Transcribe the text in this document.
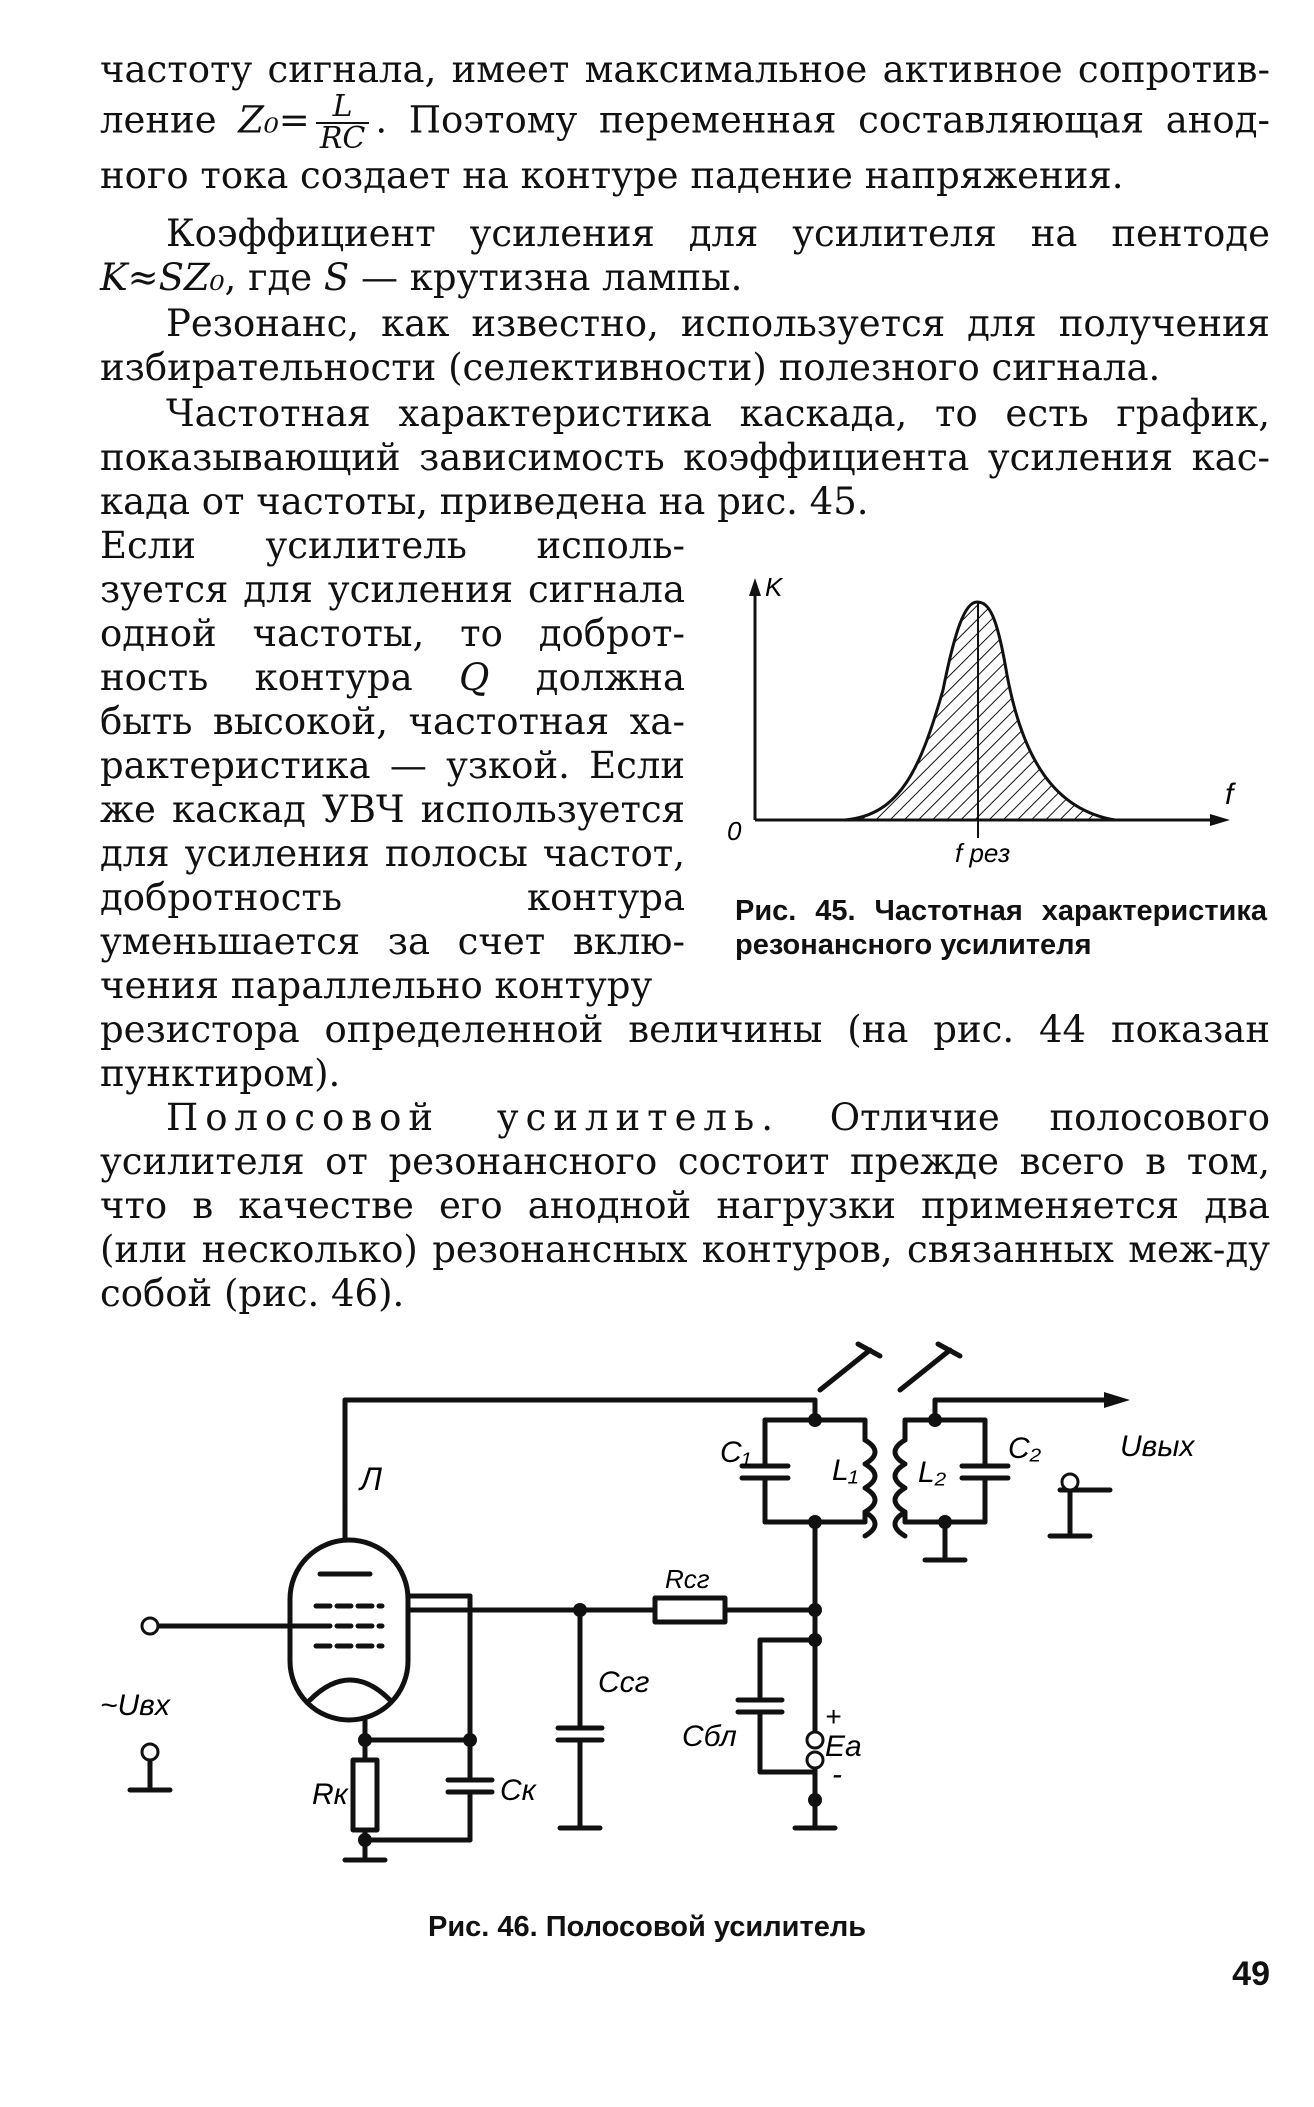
частоту сигнала, имеет максимальное активное сопротив-ление $Z_0= \frac{L}{RC}$ . Поэтому переменная составляющая анод-ного тока создает на контуре падение напряжения.

Коэффициент усиления для усилителя на пентоде K≈SZ₀, где S — крутизна лампы.

Резонанс, как известно, используется для получения избирательности (селективности) полезного сигнала.

Частотная характеристика каскада, то есть график, показывающий зависимость коэффициента усиления кас-када от частоты, приведена на рис. 45.

Если усилитель исполь-зуется для усиления сигнала одной частоты, то доброт-ность контура Q должна быть высокой, частотная ха-рактеристика — узкой. Если же каскад УВЧ используется для усиления полосы частот, добротность контура уменьшается за счет вклю-чения параллельно контуру

резистора определенной величины (на рис. 44 показан пунктиром).

Полосовой усилитель. Отличие полосового усилителя от резонансного состоит прежде всего в том, что в качестве его анодной нагрузки применяется два (или несколько) резонансных контуров, связанных меж-ду собой (рис. 46).

K
f
0
f рез

Рис. 45. Частотная характеристика резонансного усилителя

Л
C₁
L₁ L₂
C₂	Uвых
~Uвх
Rсг
Cсг
Cбл
+
Eа
-
Rк	Cк

Рис. 46. Полосовой усилитель

49
